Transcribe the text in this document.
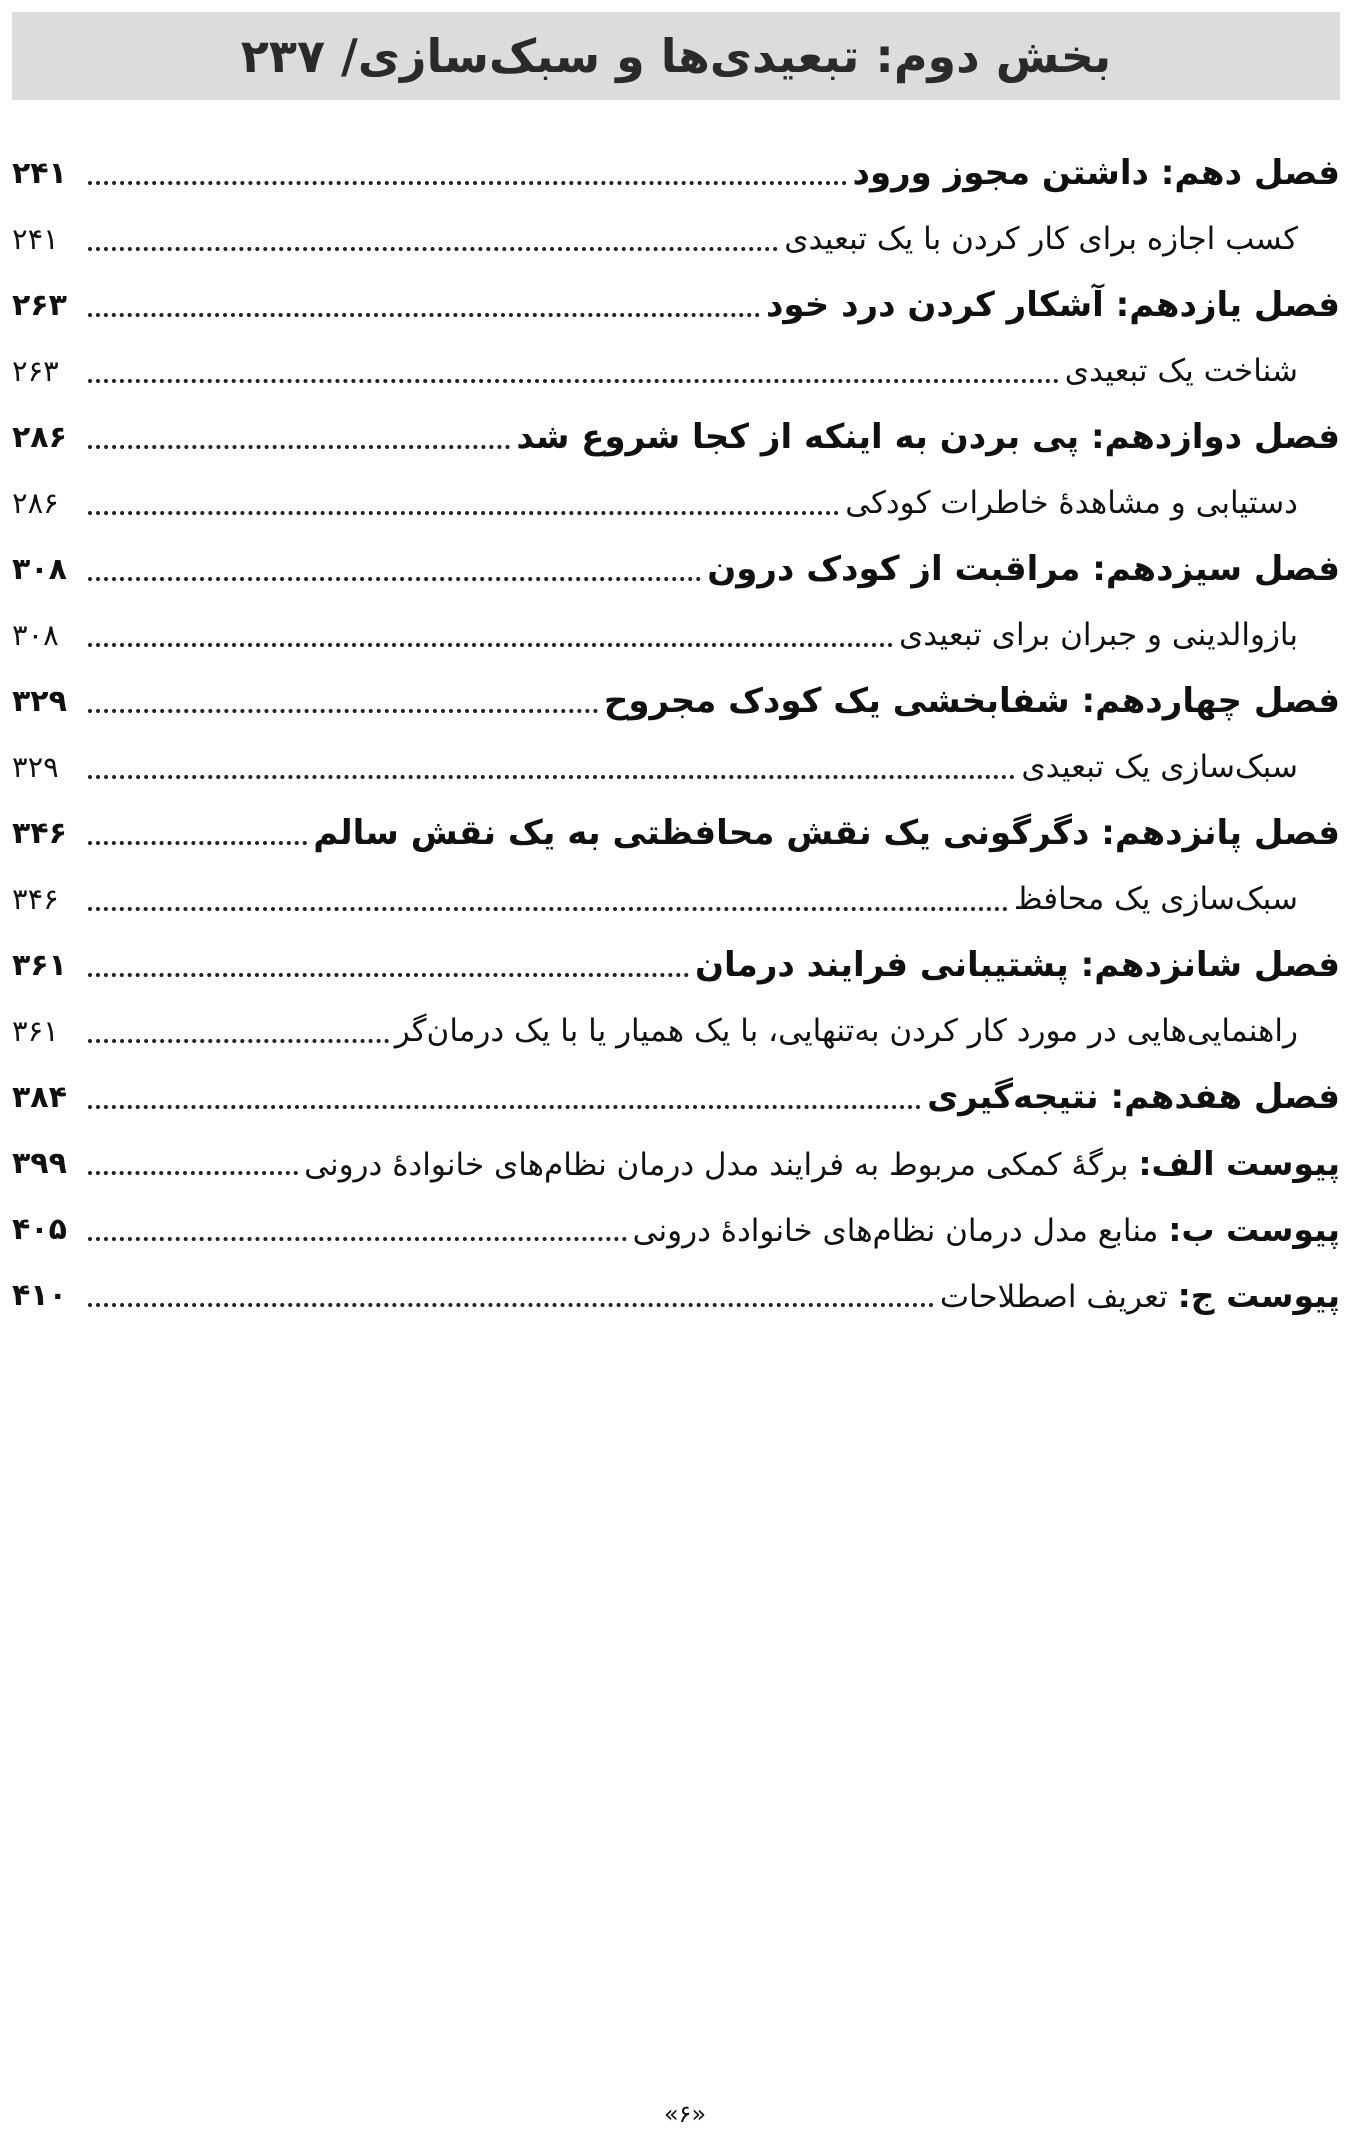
بخش دوم: تبعیدی‌ها و سبک‌سازی/ ۲۳۷
۲۴۱	فصل دهم: داشتن مجوز ورود
۲۴۱	کسب اجازه برای کار کردن با یک تبعیدی
۲۶۳	فصل یازدهم: آشکار کردن درد خود
۲۶۳	شناخت یک تبعیدی
۲۸۶	فصل دوازدهم: پی بردن به اینکه از کجا شروع شد
۲۸۶	دستیابی و مشاهدهٔ خاطرات کودکی
۳۰۸	فصل سیزدهم: مراقبت از کودک درون
۳۰۸	بازوالدینی و جبران برای تبعیدی
۳۲۹	فصل چهاردهم: شفابخشی یک کودک مجروح
۳۲۹	سبک‌سازی یک تبعیدی
۳۴۶	فصل پانزدهم: دگرگونی یک نقش محافظتی به یک نقش سالم
۳۴۶	سبک‌سازی یک محافظ
۳۶۱	فصل شانزدهم: پشتیبانی فرایند درمان
۳۶۱	راهنمایی‌هایی در مورد کار کردن به‌تنهایی، با یک همیار یا با یک درمان‌گر
۳۸۴	فصل هفدهم: نتیجه‌گیری
۳۹۹	پیوست الف: برگهٔ کمکی مربوط به فرایند مدل درمان نظام‌های خانوادهٔ درونی
۴۰۵	پیوست ب: منابع مدل درمان نظام‌های خانوادهٔ درونی
۴۱۰	پیوست ج: تعریف اصطلاحات
«۶»
